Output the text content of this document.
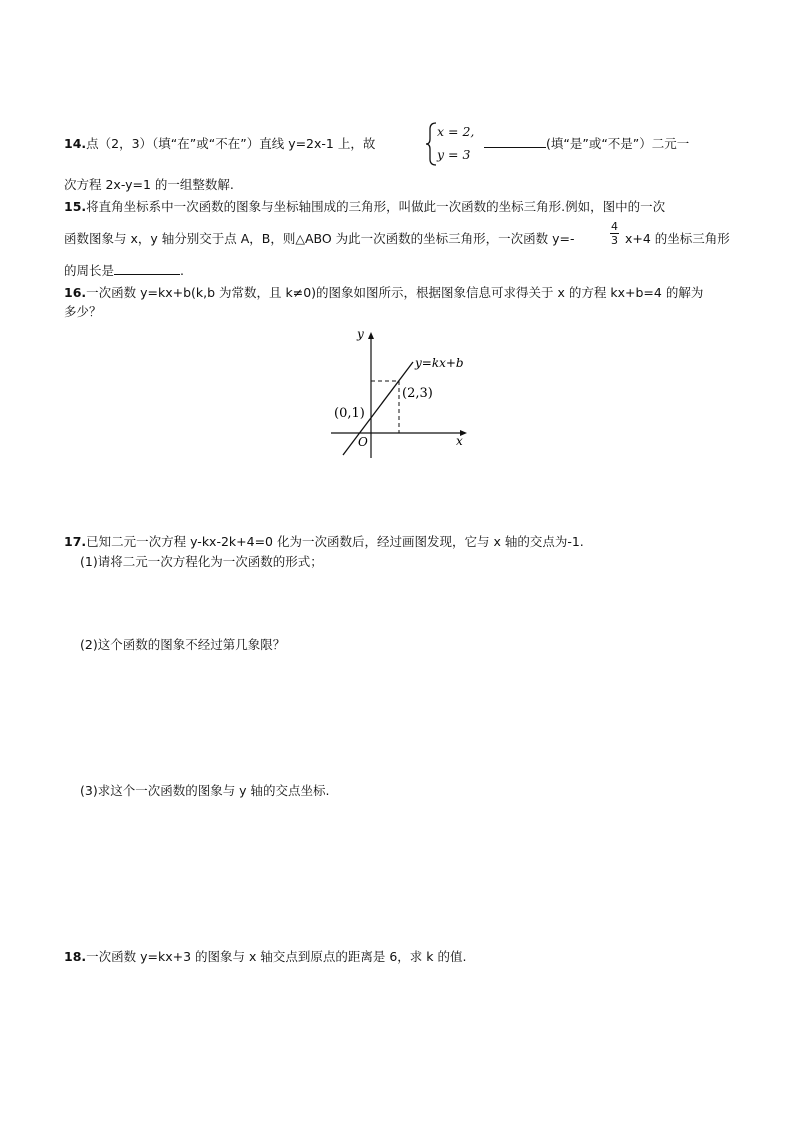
14.点（2，3）（填“在”或“不在”）直线 y=2x-1 上，故
x = 2,
y = 3
(填“是”或“不是”）二元一
次方程 2x-y=1 的一组整数解.
15.将直角坐标系中一次函数的图象与坐标轴围成的三角形，叫做此一次函数的坐标三角形.例如，图中的一次
函数图象与 x，y 轴分别交于点 A，B，则△ABO 为此一次函数的坐标三角形，一次函数 y=-	$\frac{4}{3} x+4$ 的坐标三角形
的周长是	.
16.一次函数 y=kx+b(k,b 为常数，且 k≠0)的图象如图所示，根据图象信息可求得关于 x 的方程 kx+b=4 的解为
多少？
y
x
O
(0,1)
(2,3)
y=kx+b
17.已知二元一次方程 y-kx-2k+4=0 化为一次函数后，经过画图发现，它与 x 轴的交点为-1.
(1)请将二元一次方程化为一次函数的形式；
(2)这个函数的图象不经过第几象限？
(3)求这个一次函数的图象与 y 轴的交点坐标.
18.一次函数 y=kx+3 的图象与 x 轴交点到原点的距离是 6，求 k 的值.
